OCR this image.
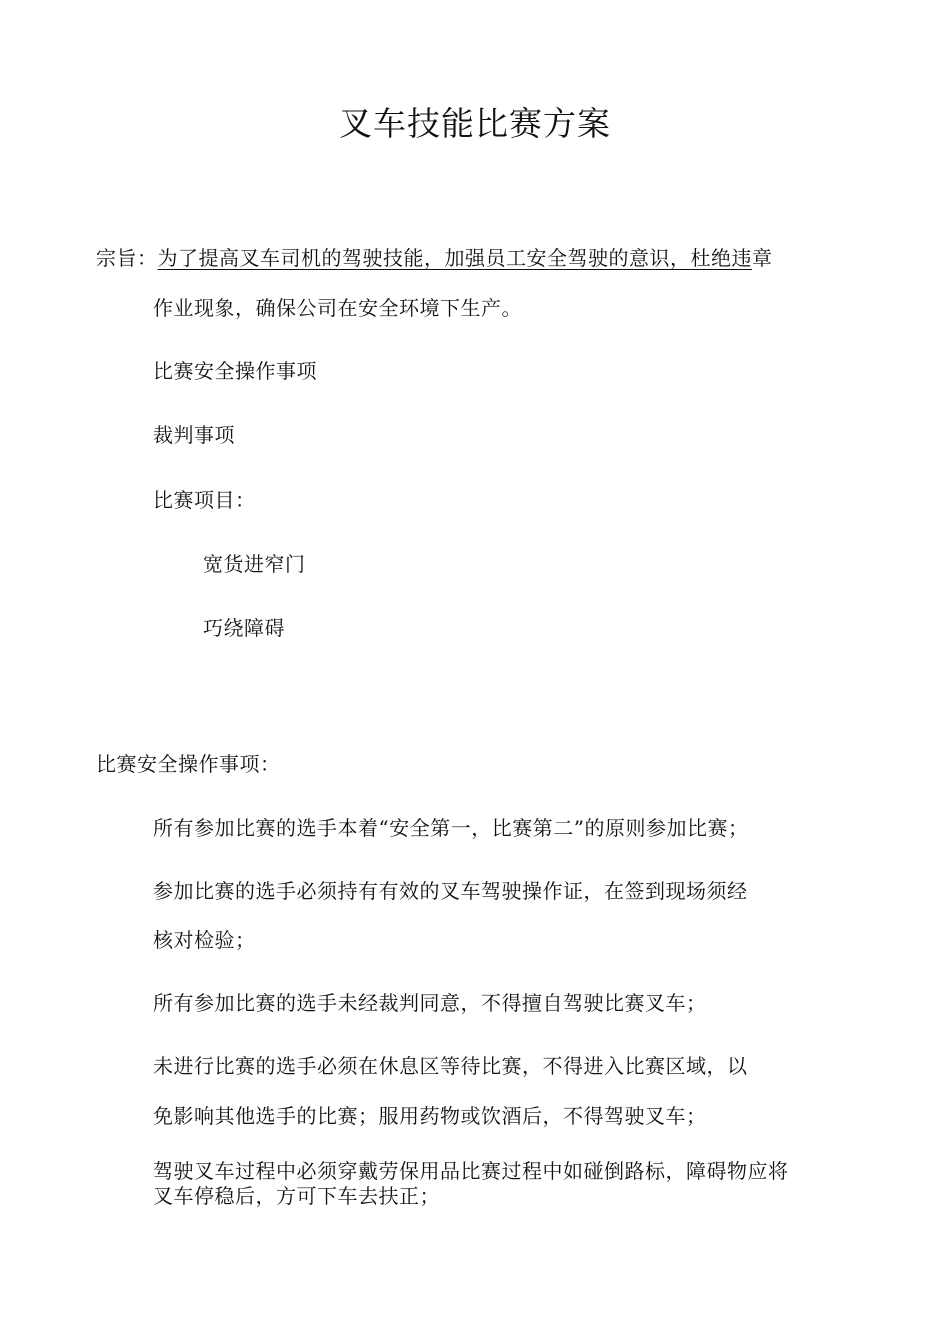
叉车技能比赛方案
宗旨：为了提高叉车司机的驾驶技能，加强员工安全驾驶的意识，杜绝违章
作业现象，确保公司在安全环境下生产。
比赛安全操作事项
裁判事项
比赛项目：
宽货进窄门
巧绕障碍
比赛安全操作事项：
所有参加比赛的选手本着“安全第一，比赛第二”的原则参加比赛；
参加比赛的选手必须持有有效的叉车驾驶操作证，在签到现场须经
核对检验；
所有参加比赛的选手未经裁判同意，不得擅自驾驶比赛叉车；
未进行比赛的选手必须在休息区等待比赛，不得进入比赛区域，以
免影响其他选手的比赛；服用药物或饮酒后，不得驾驶叉车；
驾驶叉车过程中必须穿戴劳保用品比赛过程中如碰倒路标，障碍物应将
叉车停稳后，方可下车去扶正；
